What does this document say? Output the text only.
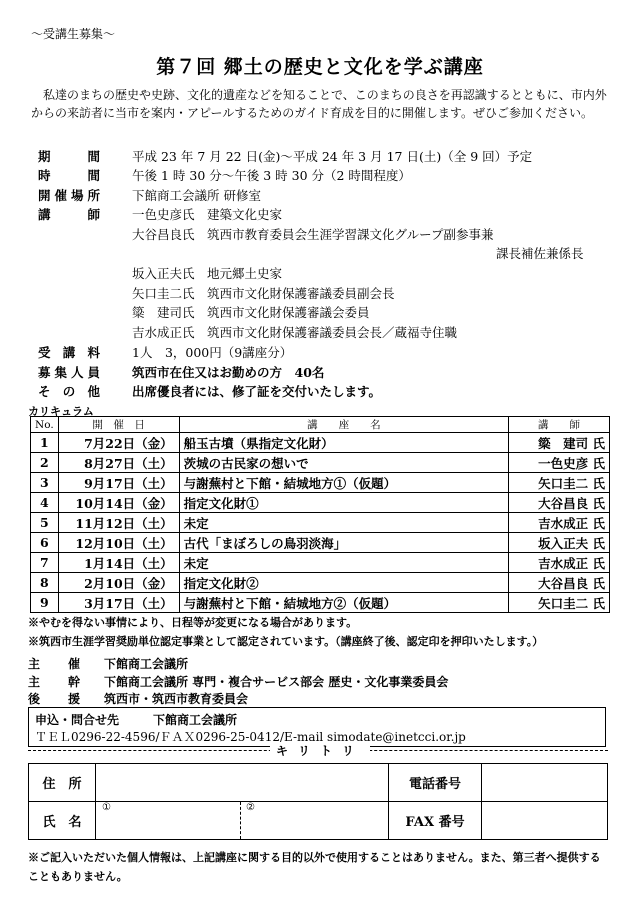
～受講生募集～
第７回 郷土の歴史と文化を学ぶ講座
私達のまちの歴史や史跡、文化的遺産などを知ることで、このまちの良さを再認識するとともに、市内外からの来訪者に当市を案内・アピールするためのガイド育成を目的に開催します。ぜひご参加ください。
期間	平成 23 年 7 月 22 日(金)～平成 24 年 3 月 17 日(土)（全 9 回）予定
時間	午後 1 時 30 分～午後 3 時 30 分（2 時間程度）
開催場所	下館商工会議所 研修室
講師	一色史彦氏　建築文化史家
大谷昌良氏　筑西市教育委員会生涯学習課文化グループ副参事兼
課長補佐兼係長
坂入正夫氏　地元郷土史家
矢口圭二氏　筑西市文化財保護審議委員副会長
簗　建司氏　筑西市文化財保護審議会委員
吉水成正氏　筑西市文化財保護審議委員会長／蔵福寺住職
受講料	1人　3，000円（9講座分）
募集人員	筑西市在住又はお勤めの方　40名
その他	出席優良者には、修了証を交付いたします。
カリキュラム
No.	開　催　日	講　　座　　名	講　　師
1	7月22日（金）	船玉古墳（県指定文化財）	簗　建司 氏
2	8月27日（土）	茨城の古民家の想いで	一色史彦 氏
3	9月17日（土）	与謝蕪村と下館・結城地方①（仮題）	矢口圭二 氏
4	10月14日（金）	指定文化財①	大谷昌良 氏
5	11月12日（土）	未定	吉水成正 氏
6	12月10日（土）	古代「まぼろしの鳥羽淡海」	坂入正夫 氏
7	1月14日（土）	未定	吉水成正 氏
8	2月10日（金）	指定文化財②	大谷昌良 氏
9	3月17日（土）	与謝蕪村と下館・結城地方②（仮題）	矢口圭二 氏
※やむを得ない事情により、日程等が変更になる場合があります。
※筑西市生涯学習奨励単位認定事業として認定されています。（講座終了後、認定印を押印いたします。）
主催 下館商工会議所
主幹 下館商工会議所 専門・複合サービス部会 歴史・文化事業委員会
後援 筑西市・筑西市教育委員会
申込・問合せ先	下館商工会議所
ＴＥＬ0296-22-4596/ＦＡＸ0296-25-0412/E-mail simodate@inetcci.or.jp
キリトリ
住　所		電話番号	
氏　名	① ②	FAX 番号	
※ご記入いただいた個人情報は、上記講座に関する目的以外で使用することはありません。また、第三者へ提供することもありません。
